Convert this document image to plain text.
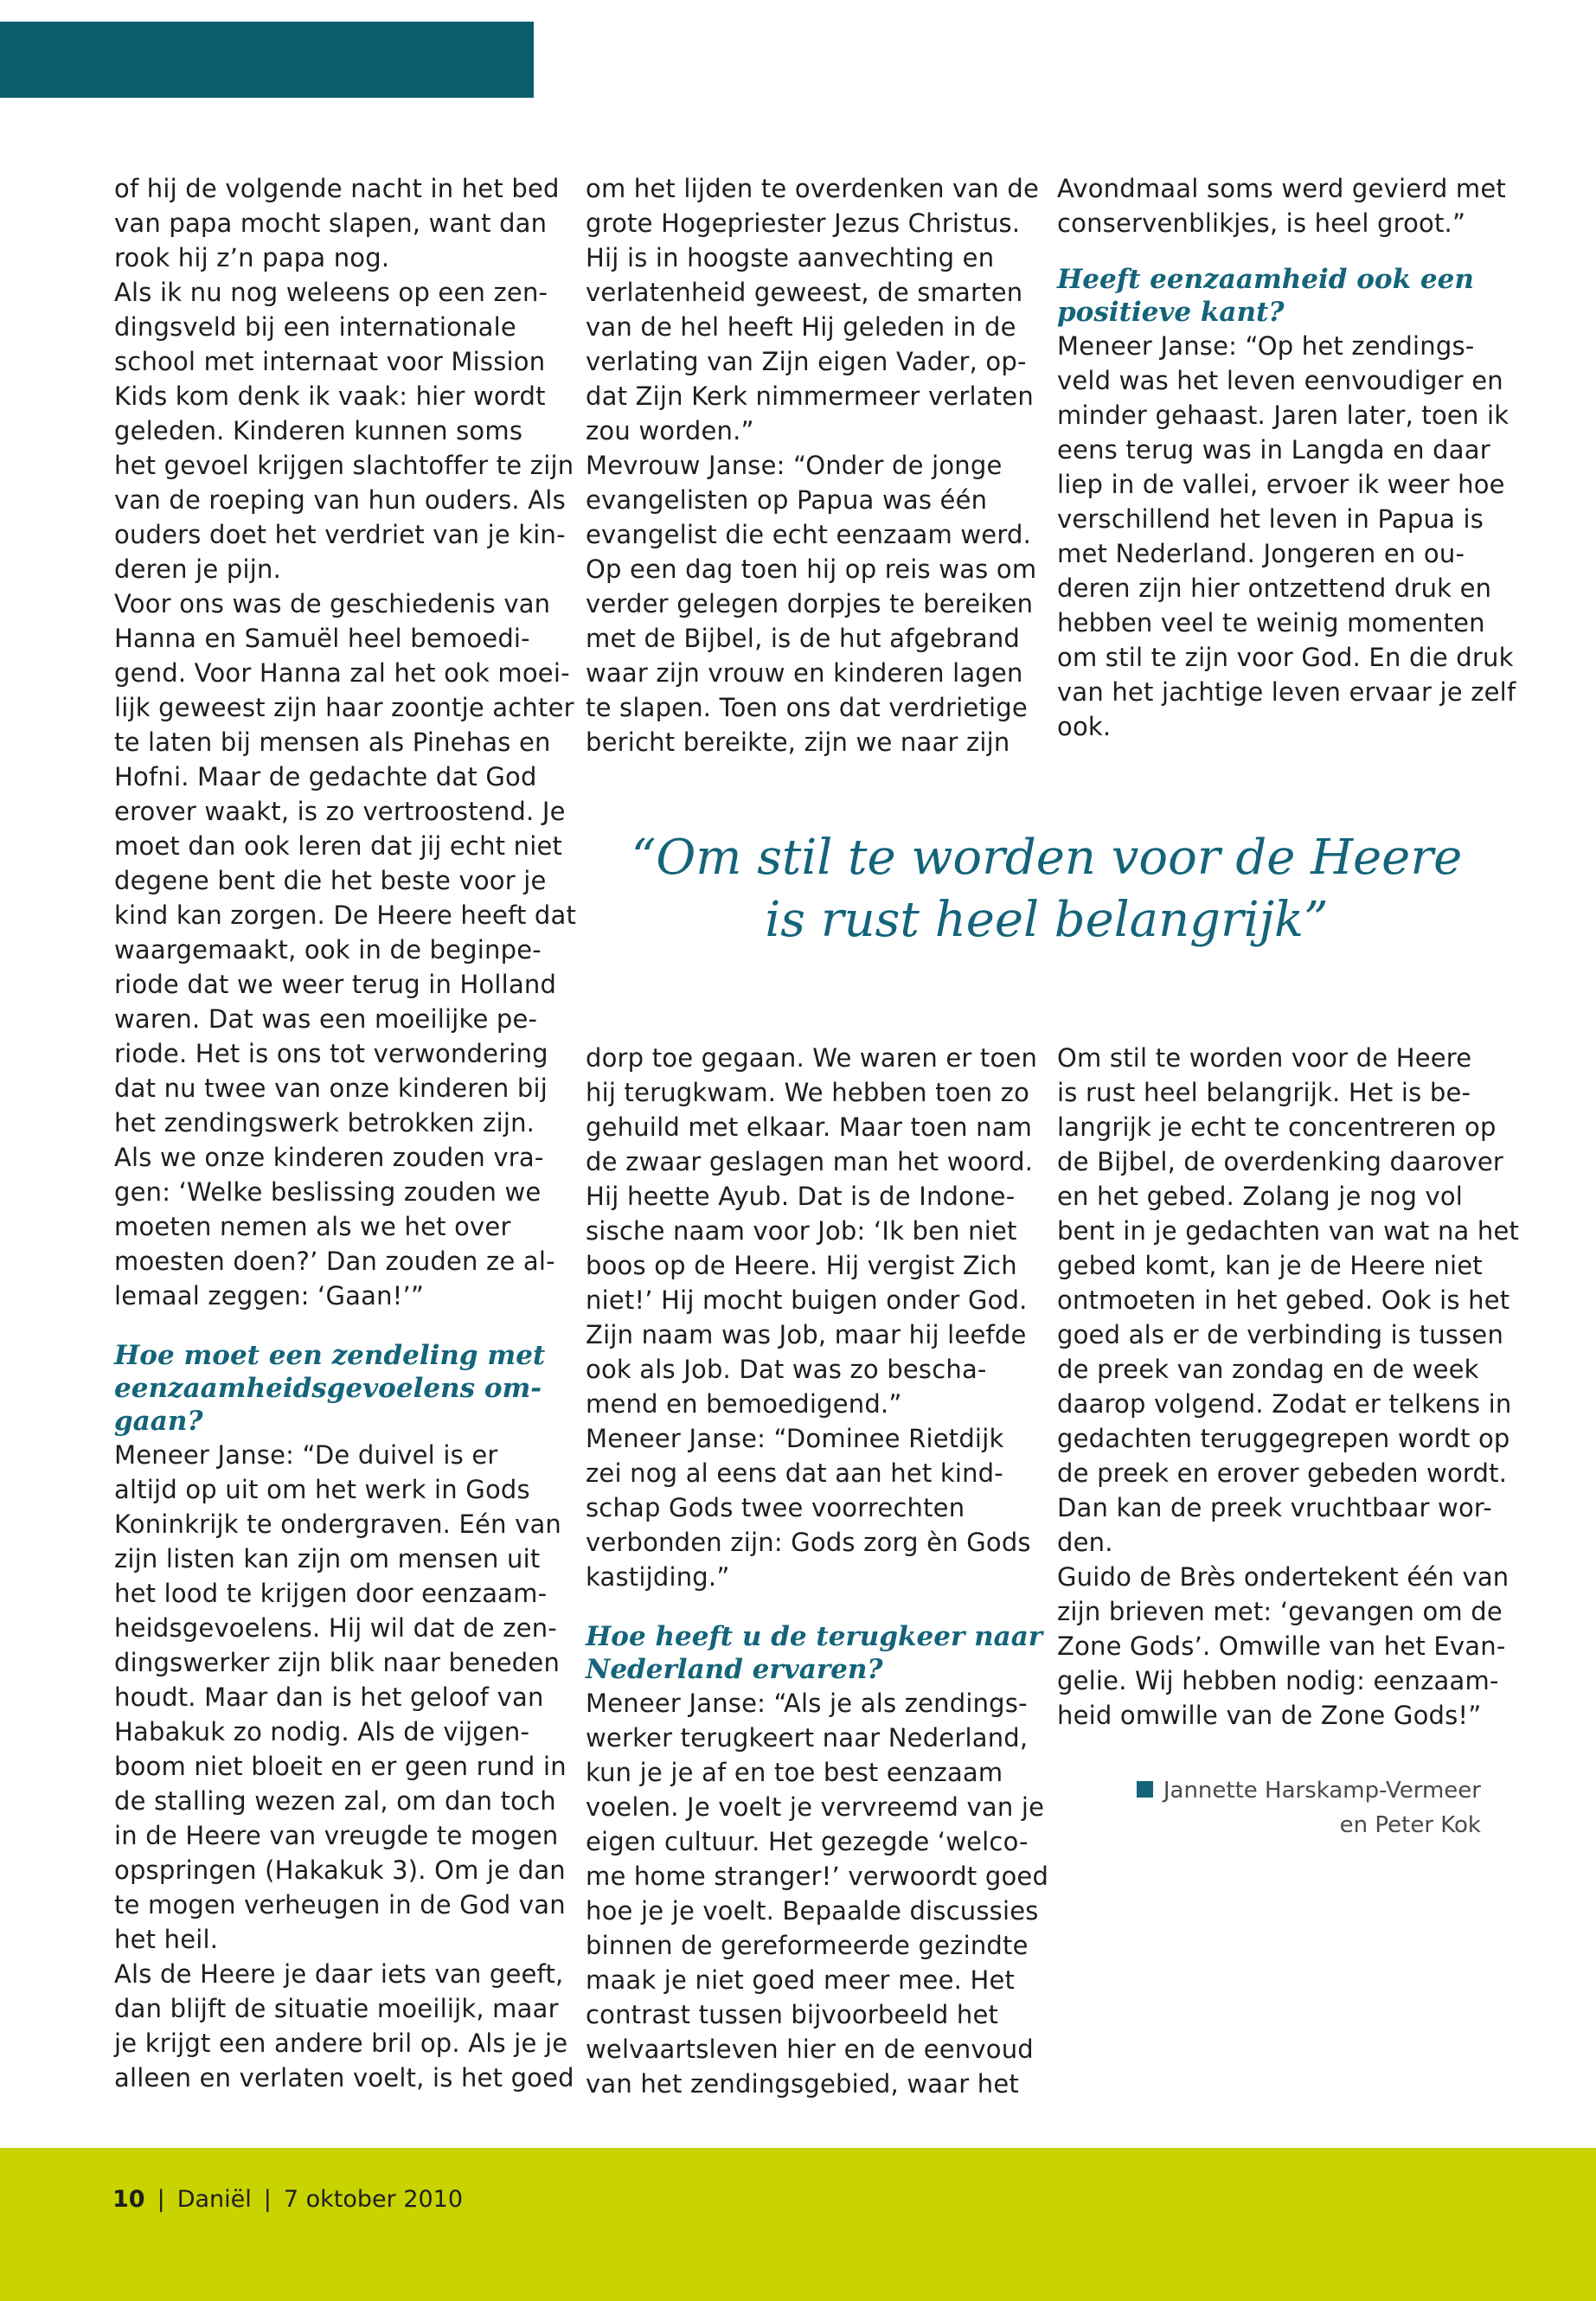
of hij de volgende nacht in het bed

van papa mocht slapen, want dan

rook hij z’n papa nog.

Als ik nu nog weleens op een zen-

dingsveld bij een internationale

school met internaat voor Mission

Kids kom denk ik vaak: hier wordt

geleden. Kinderen kunnen soms

het gevoel krijgen slachtoffer te zijn

van de roeping van hun ouders. Als

ouders doet het verdriet van je kin-

deren je pijn.

Voor ons was de geschiedenis van

Hanna en Samuël heel bemoedi-

gend. Voor Hanna zal het ook moei-

lijk geweest zijn haar zoontje achter

te laten bij mensen als Pinehas en

Hofni. Maar de gedachte dat God

erover waakt, is zo vertroostend. Je

moet dan ook leren dat jij echt niet

degene bent die het beste voor je

kind kan zorgen. De Heere heeft dat

waargemaakt, ook in de beginpe-

riode dat we weer terug in Holland

waren. Dat was een moeilijke pe-

riode. Het is ons tot verwondering

dat nu twee van onze kinderen bij

het zendingswerk betrokken zijn.

Als we onze kinderen zouden vra-

gen: ‘Welke beslissing zouden we

moeten nemen als we het over

moesten doen?’ Dan zouden ze al-

lemaal zeggen: ‘Gaan!’”

Hoe moet een zendeling met
eenzaamheidsgevoelens om-
gaan?

Meneer Janse: “De duivel is er

altijd op uit om het werk in Gods

Koninkrijk te ondergraven. Eén van

zijn listen kan zijn om mensen uit

het lood te krijgen door eenzaam-

heidsgevoelens. Hij wil dat de zen-

dingswerker zijn blik naar beneden

houdt. Maar dan is het geloof van

Habakuk zo nodig. Als de vijgen-

boom niet bloeit en er geen rund in

de stalling wezen zal, om dan toch

in de Heere van vreugde te mogen

opspringen (Hakakuk 3). Om je dan

te mogen verheugen in de God van

het heil.

Als de Heere je daar iets van geeft,

dan blijft de situatie moeilijk, maar

je krijgt een andere bril op. Als je je

alleen en verlaten voelt, is het goed

om het lijden te overdenken van de

grote Hogepriester Jezus Christus.

Hij is in hoogste aanvechting en

verlatenheid geweest, de smarten

van de hel heeft Hij geleden in de

verlating van Zijn eigen Vader, op-

dat Zijn Kerk nimmermeer verlaten

zou worden.”

Mevrouw Janse: “Onder de jonge

evangelisten op Papua was één

evangelist die echt eenzaam werd.

Op een dag toen hij op reis was om

verder gelegen dorpjes te bereiken

met de Bijbel, is de hut afgebrand

waar zijn vrouw en kinderen lagen

te slapen. Toen ons dat verdrietige

bericht bereikte, zijn we naar zijn

Avondmaal soms werd gevierd met

conservenblikjes, is heel groot.”

Heeft eenzaamheid ook een
positieve kant?

Meneer Janse: “Op het zendings-

veld was het leven eenvoudiger en

minder gehaast. Jaren later, toen ik

eens terug was in Langda en daar

liep in de vallei, ervoer ik weer hoe

verschillend het leven in Papua is

met Nederland. Jongeren en ou-

deren zijn hier ontzettend druk en

hebben veel te weinig momenten

om stil te zijn voor God. En die druk

van het jachtige leven ervaar je zelf

ook.

“Om stil te worden voor de Heere
is rust heel belangrijk”

dorp toe gegaan. We waren er toen

hij terugkwam. We hebben toen zo

gehuild met elkaar. Maar toen nam

de zwaar geslagen man het woord.

Hij heette Ayub. Dat is de Indone-

sische naam voor Job: ‘Ik ben niet

boos op de Heere. Hij vergist Zich

niet!’ Hij mocht buigen onder God.

Zijn naam was Job, maar hij leefde

ook als Job. Dat was zo bescha-

mend en bemoedigend.”

Meneer Janse: “Dominee Rietdijk

zei nog al eens dat aan het kind-

schap Gods twee voorrechten

verbonden zijn: Gods zorg èn Gods

kastijding.”

Hoe heeft u de terugkeer naar
Nederland ervaren?

Meneer Janse: “Als je als zendings-

werker terugkeert naar Nederland,

kun je je af en toe best eenzaam

voelen. Je voelt je vervreemd van je

eigen cultuur. Het gezegde ‘welco-

me home stranger!’ verwoordt goed

hoe je je voelt. Bepaalde discussies

binnen de gereformeerde gezindte

maak je niet goed meer mee. Het

contrast tussen bijvoorbeeld het

welvaartsleven hier en de eenvoud

van het zendingsgebied, waar het

Om stil te worden voor de Heere

is rust heel belangrijk. Het is be-

langrijk je echt te concentreren op

de Bijbel, de overdenking daarover

en het gebed. Zolang je nog vol

bent in je gedachten van wat na het

gebed komt, kan je de Heere niet

ontmoeten in het gebed. Ook is het

goed als er de verbinding is tussen

de preek van zondag en de week

daarop volgend. Zodat er telkens in

gedachten teruggegrepen wordt op

de preek en erover gebeden wordt.

Dan kan de preek vruchtbaar wor-

den.

Guido de Brès ondertekent één van

zijn brieven met: ‘gevangen om de

Zone Gods’. Omwille van het Evan-

gelie. Wij hebben nodig: eenzaam-

heid omwille van de Zone Gods!”

Jannette Harskamp-Vermeer
en Peter Kok
10 | Daniël | 7 oktober 2010
